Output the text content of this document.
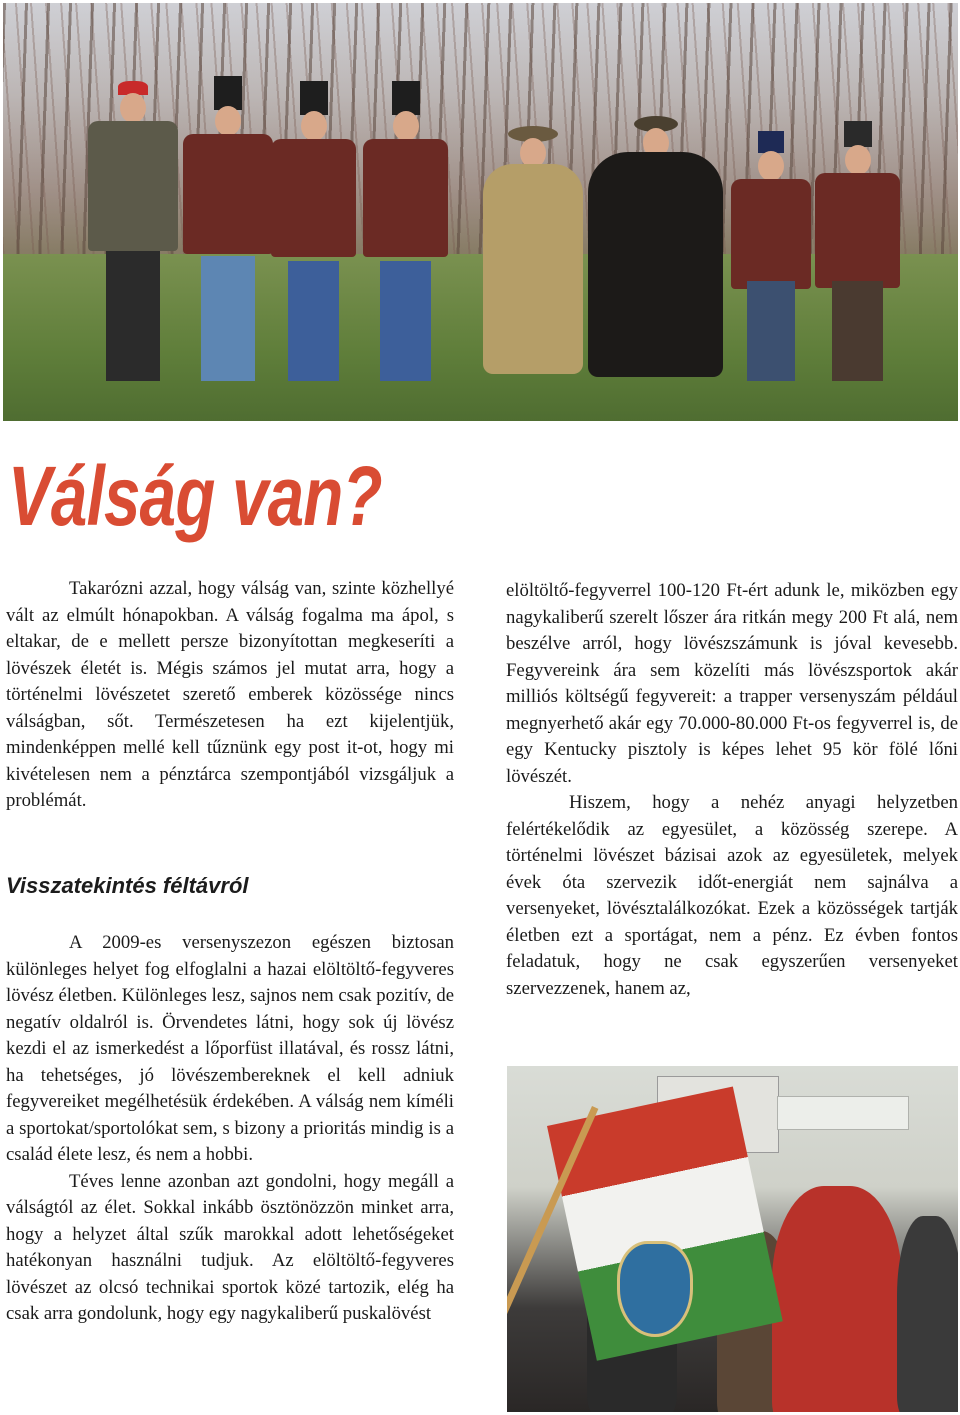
Válság van?

Takarózni azzal, hogy válság van, szinte közhellyé vált az elmúlt hónapokban. A válság fogalma ma ápol, s eltakar, de e mellett persze bizonyítottan megkeseríti a lövészek életét is. Mégis számos jel mutat arra, hogy a történelmi lövészetet szerető emberek közössége nincs válságban, sőt. Természetesen ha ezt kijelentjük, mindenképpen mellé kell tűznünk egy post it-ot, hogy mi kivételesen nem a pénztárca szempontjából vizsgáljuk a problémát.

Visszatekintés féltávról

A 2009-es versenyszezon egészen biztosan különleges helyet fog elfoglalni a hazai elöltöltő-fegyveres lövész életben. Különleges lesz, sajnos nem csak pozitív, de negatív oldalról is. Örvendetes látni, hogy sok új lövész kezdi el az ismerkedést a lőporfüst illatával, és rossz látni, ha tehetséges, jó lövészembereknek el kell adniuk fegyvereiket megélhetésük érdekében. A válság nem kíméli a sportokat/sportolókat sem, s bizony a prioritás mindig is a család élete lesz, és nem a hobbi.

Téves lenne azonban azt gondolni, hogy megáll a válságtól az élet. Sokkal inkább ösztönözzön minket arra, hogy a helyzet által szűk marokkal adott lehetőségeket hatékonyan használni tudjuk. Az elöltöltő-fegyveres lövészet az olcsó technikai sportok közé tartozik, elég ha csak arra gondolunk, hogy egy nagykaliberű puskalövést

elöltöltő-fegyverrel 100-120 Ft-ért adunk le, miközben egy nagykaliberű szerelt lőszer ára ritkán megy 200 Ft alá, nem beszélve arról, hogy lövészszámunk is jóval kevesebb. Fegyvereink ára sem közelíti más lövészsportok akár milliós költségű fegyvereit: a trapper versenyszám például megnyerhető akár egy 70.000-80.000 Ft-os fegyverrel is, de egy Kentucky pisztoly is képes lehet 95 kör fölé lőni lövészét.

Hiszem, hogy a nehéz anyagi helyzetben felértékelődik az egyesület, a közösség szerepe. A történelmi lövészet bázisai azok az egyesületek, melyek évek óta szervezik időt-energiát nem sajnálva a versenyeket, lövésztalálkozókat. Ezek a közösségek tartják életben ezt a sportágat, nem a pénz. Ez évben fontos feladatuk, hogy ne csak egyszerűen versenyeket szervezzenek, hanem az,
